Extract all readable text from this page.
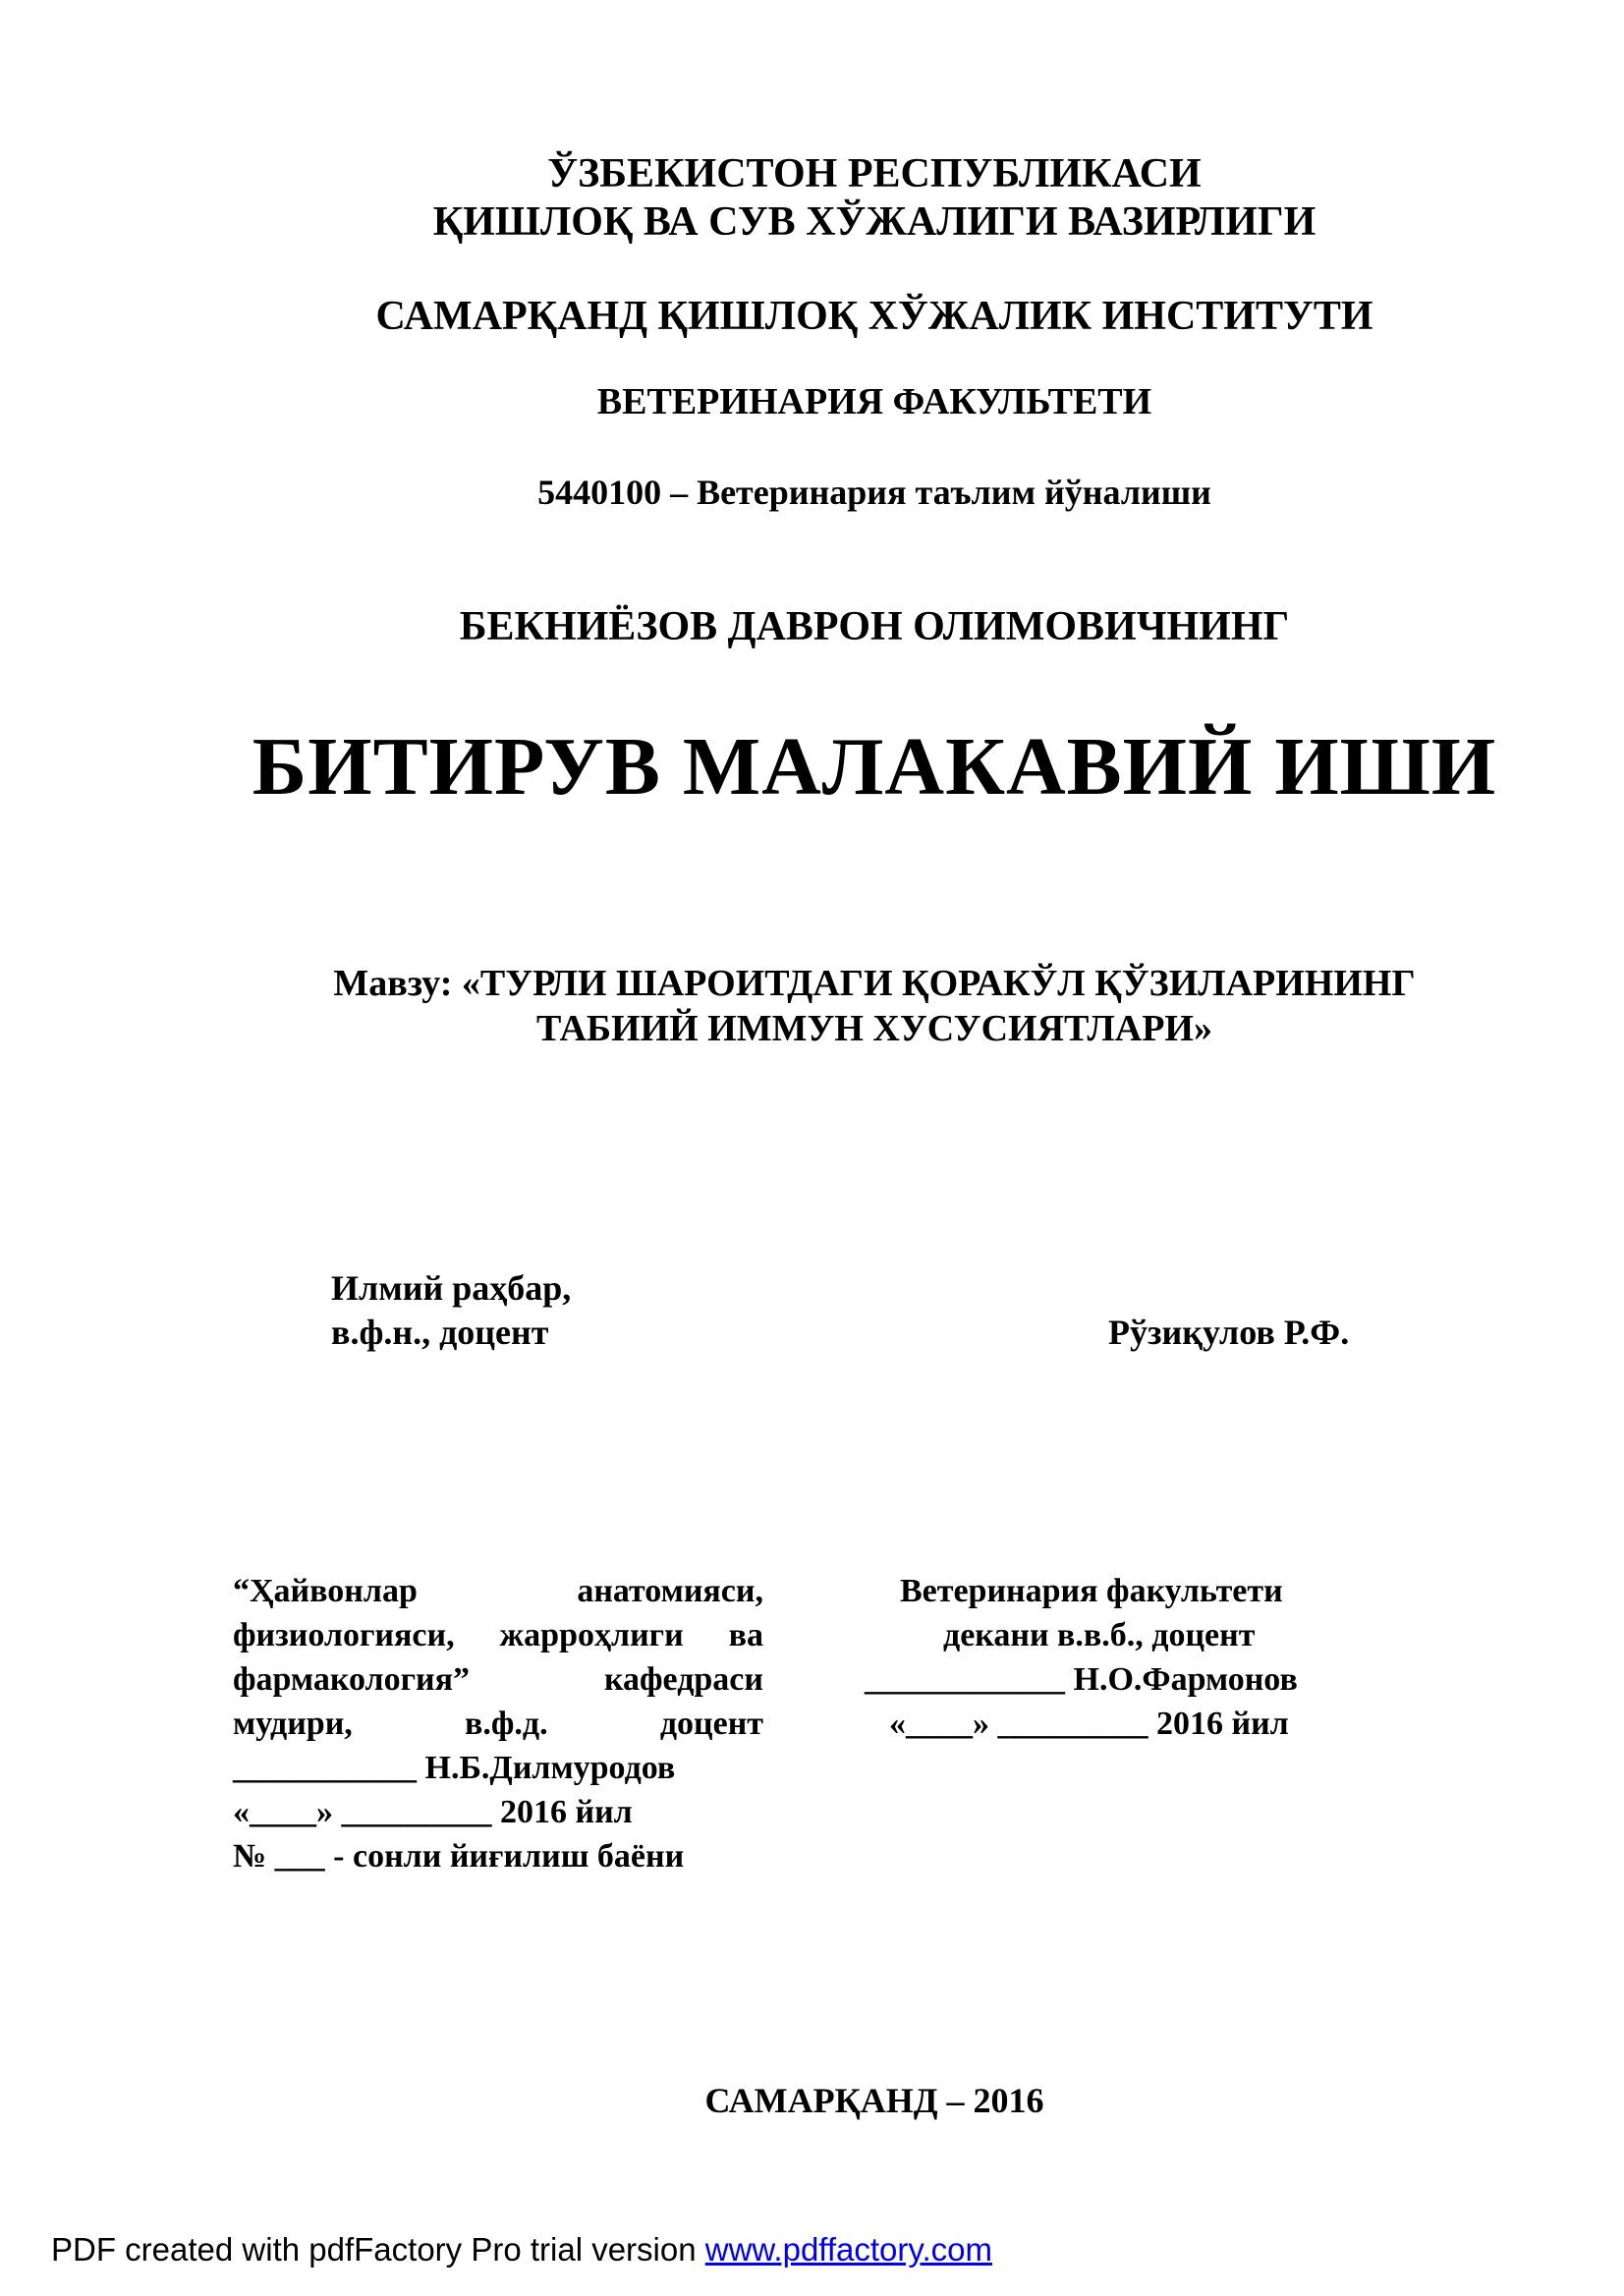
ЎЗБЕКИСТОН РЕСПУБЛИКАСИ
ҚИШЛОҚ ВА СУВ ХЎЖАЛИГИ ВАЗИРЛИГИ
САМАРҚАНД ҚИШЛОҚ ХЎЖАЛИК ИНСТИТУТИ
ВЕТЕРИНАРИЯ ФАКУЛЬТЕТИ
5440100 – Ветеринария таълим йўналиши
БЕКНИЁЗОВ ДАВРОН ОЛИМОВИЧНИНГ
БИТИРУВ МАЛАКАВИЙ ИШИ
Мавзу: «ТУРЛИ ШАРОИТДАГИ ҚОРАКЎЛ ҚЎЗИЛАРИНИНГ
ТАБИИЙ ИММУН ХУСУСИЯТЛАРИ»
Илмий раҳбар,
в.ф.н., доцент	Рўзиқулов Р.Ф.
“Ҳайвонлар анатомияси,
физиологияси, жарроҳлиги ва
фармакология” кафедраси
мудири, в.ф.д. доцент
___________ Н.Б.Дилмуродов
«____» _________ 2016 йил
№ ___ - сонли йиғилиш баёни
Ветеринария факультети
декани в.в.б., доцент
____________ Н.О.Фармонов
«____» _________ 2016 йил
САМАРҚАНД – 2016
PDF created with pdfFactory Pro trial version www.pdffactory.com
